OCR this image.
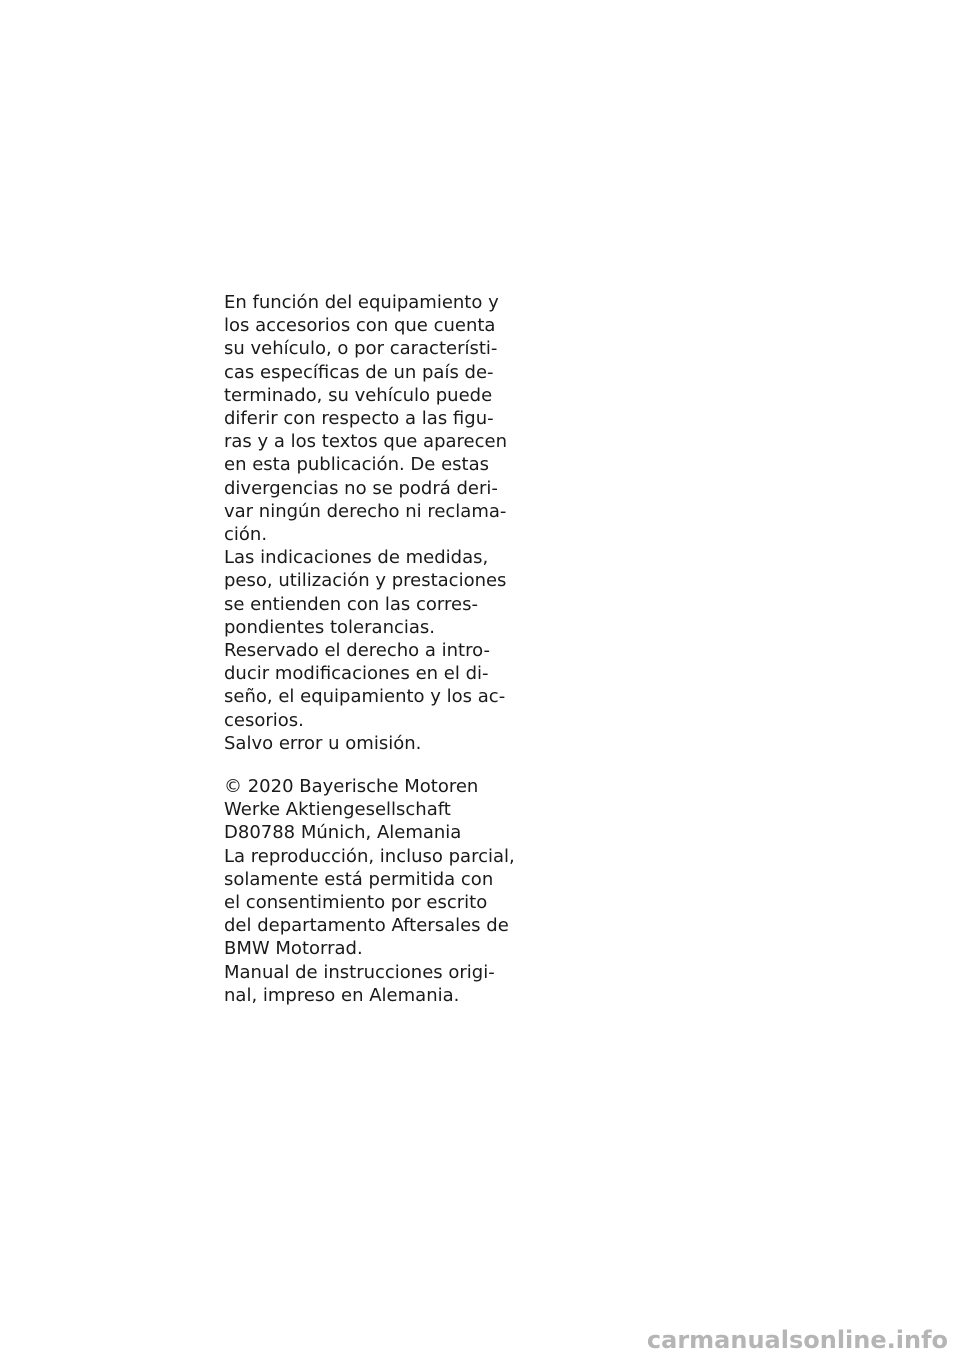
En función del equipamiento y
los accesorios con que cuenta
su vehículo, o por característi-
cas específicas de un país de-
terminado, su vehículo puede
diferir con respecto a las figu-
ras y a los textos que aparecen
en esta publicación. De estas
divergencias no se podrá deri-
var ningún derecho ni reclama-
ción.
Las indicaciones de medidas,
peso, utilización y prestaciones
se entienden con las corres-
pondientes tolerancias.
Reservado el derecho a intro-
ducir modificaciones en el di-
seño, el equipamiento y los ac-
cesorios.
Salvo error u omisión.
© 2020 Bayerische Motoren
Werke Aktiengesellschaft
D80788 Múnich, Alemania
La reproducción, incluso parcial,
solamente está permitida con
el consentimiento por escrito
del departamento Aftersales de
BMW Motorrad.
Manual de instrucciones origi-
nal, impreso en Alemania.
carmanualsonline.info
